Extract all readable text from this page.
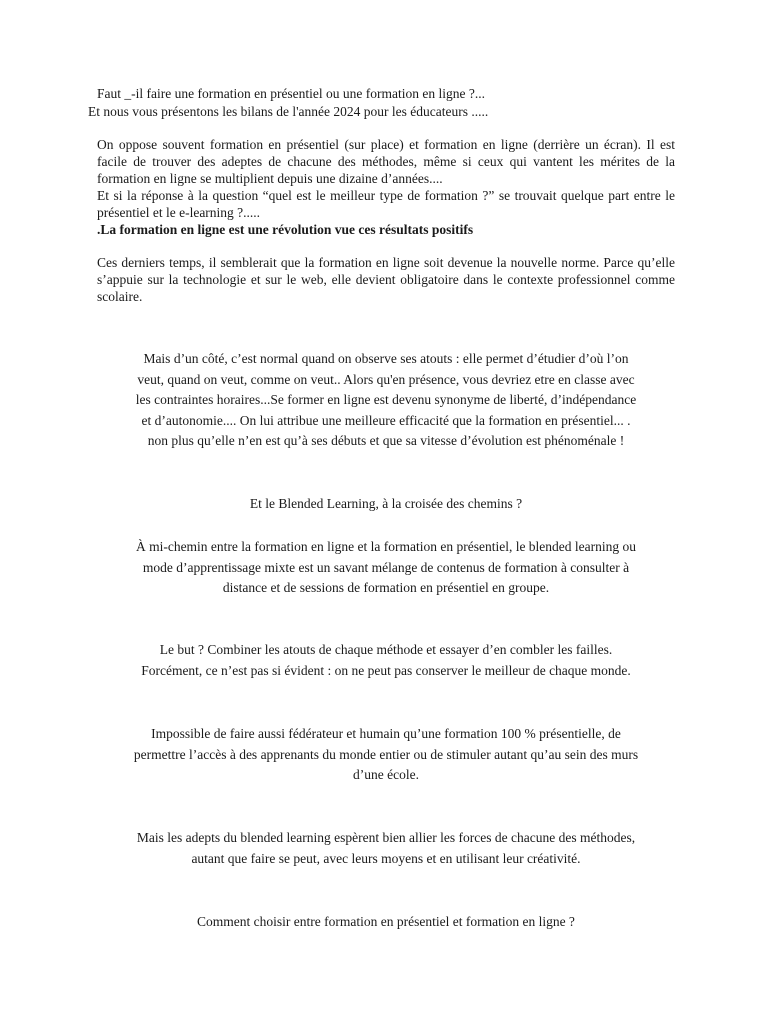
Faut _-il faire une formation en présentiel ou une formation en ligne ?...
Et nous vous présentons les bilans de l'année 2024 pour les éducateurs .....
On oppose souvent formation en présentiel (sur place) et formation en ligne (derrière un écran). Il est facile de trouver des adeptes de chacune des méthodes, même si ceux qui vantent les mérites de la formation en ligne se multiplient depuis une dizaine d’années....
Et si la réponse à la question “quel est le meilleur type de formation ?” se trouvait quelque part entre le présentiel et le e-learning ?.....
.La formation en ligne est une révolution vue ces résultats positifs
Ces derniers temps, il semblerait que la formation en ligne soit devenue la nouvelle norme. Parce qu’elle s’appuie sur la technologie et sur le web, elle devient obligatoire dans le contexte professionnel comme scolaire.
Mais d’un côté, c’est normal quand on observe ses atouts : elle permet d’étudier d’où l’on
veut, quand on veut, comme on veut.. Alors qu'en présence, vous devriez etre en classe avec
les contraintes horaires...Se former en ligne est devenu synonyme de liberté, d’indépendance
et d’autonomie.... On lui attribue une meilleure efficacité que la formation en présentiel... .
non plus qu’elle n’en est qu’à ses débuts et que sa vitesse d’évolution est phénoménale !
Et le Blended Learning, à la croisée des chemins ?
À mi-chemin entre la formation en ligne et la formation en présentiel, le blended learning ou
mode d’apprentissage mixte est un savant mélange de contenus de formation à consulter à
distance et de sessions de formation en présentiel en groupe.
Le but ? Combiner les atouts de chaque méthode et essayer d’en combler les failles.
Forcément, ce n’est pas si évident : on ne peut pas conserver le meilleur de chaque monde.
Impossible de faire aussi fédérateur et humain qu’une formation 100 % présentielle, de
permettre l’accès à des apprenants du monde entier ou de stimuler autant qu’au sein des murs
d’une école.
Mais les adepts du blended learning espèrent bien allier les forces de chacune des méthodes,
autant que faire se peut, avec leurs moyens et en utilisant leur créativité.
Comment choisir entre formation en présentiel et formation en ligne ?
